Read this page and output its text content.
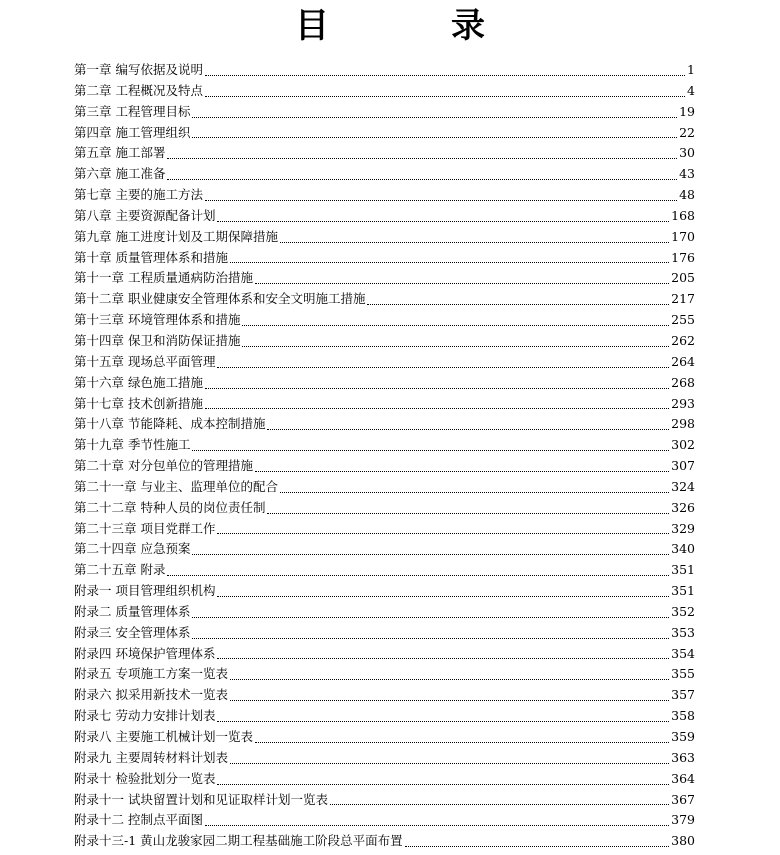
目　录
第一章 编写依据及说明	1
第二章 工程概况及特点	4
第三章 工程管理目标	19
第四章 施工管理组织	22
第五章 施工部署	30
第六章 施工准备	43
第七章 主要的施工方法	48
第八章 主要资源配备计划	168
第九章 施工进度计划及工期保障措施	170
第十章 质量管理体系和措施	176
第十一章 工程质量通病防治措施	205
第十二章 职业健康安全管理体系和安全文明施工措施	217
第十三章 环境管理体系和措施	255
第十四章 保卫和消防保证措施	262
第十五章 现场总平面管理	264
第十六章 绿色施工措施	268
第十七章 技术创新措施	293
第十八章 节能降耗、成本控制措施	298
第十九章 季节性施工	302
第二十章 对分包单位的管理措施	307
第二十一章 与业主、监理单位的配合	324
第二十二章 特种人员的岗位责任制	326
第二十三章 项目党群工作	329
第二十四章 应急预案	340
第二十五章 附录	351
附录一 项目管理组织机构	351
附录二 质量管理体系	352
附录三 安全管理体系	353
附录四 环境保护管理体系	354
附录五 专项施工方案一览表	355
附录六 拟采用新技术一览表	357
附录七 劳动力安排计划表	358
附录八 主要施工机械计划一览表	359
附录九 主要周转材料计划表	363
附录十 检验批划分一览表	364
附录十一 试块留置计划和见证取样计划一览表	367
附录十二 控制点平面图	379
附录十三-1 黄山龙骏家园二期工程基础施工阶段总平面布置	380
